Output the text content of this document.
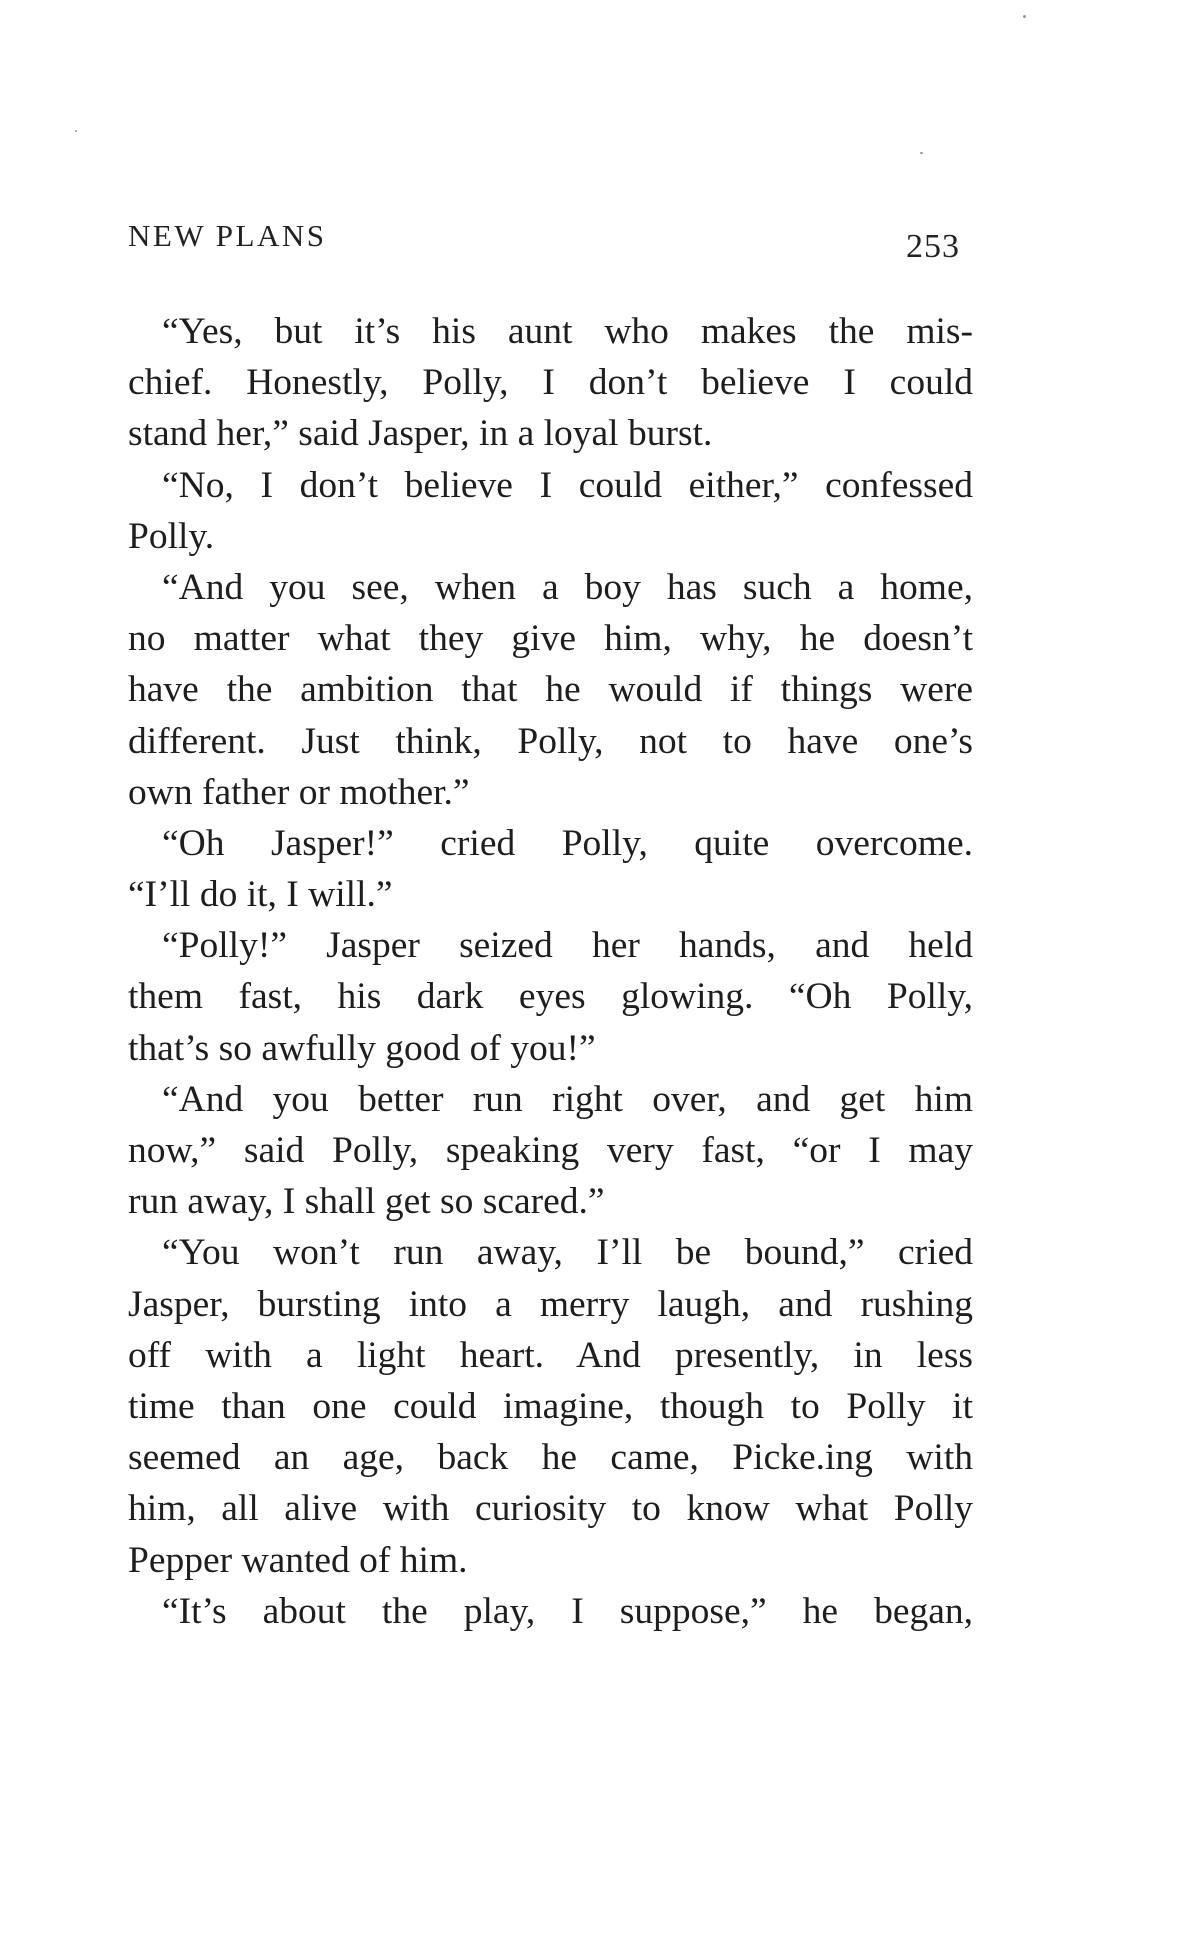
NEW PLANS	253
“Yes, but it’s his aunt who makes the mis-
chief. Honestly, Polly, I don’t believe I could
stand her,” said Jasper, in a loyal burst.
“No, I don’t believe I could either,” confessed
Polly.
“And you see, when a boy has such a home,
no matter what they give him, why, he doesn’t
have the ambition that he would if things were
different. Just think, Polly, not to have one’s
own father or mother.”
“Oh Jasper!” cried Polly, quite overcome.
“I’ll do it, I will.”
“Polly!” Jasper seized her hands, and held
them fast, his dark eyes glowing. “Oh Polly,
that’s so awfully good of you!”
“And you better run right over, and get him
now,” said Polly, speaking very fast, “or I may
run away, I shall get so scared.”
“You won’t run away, I’ll be bound,” cried
Jasper, bursting into a merry laugh, and rushing
off with a light heart. And presently, in less
time than one could imagine, though to Polly it
seemed an age, back he came, Picke.ing with
him, all alive with curiosity to know what Polly
Pepper wanted of him.
“It’s about the play, I suppose,” he began,
